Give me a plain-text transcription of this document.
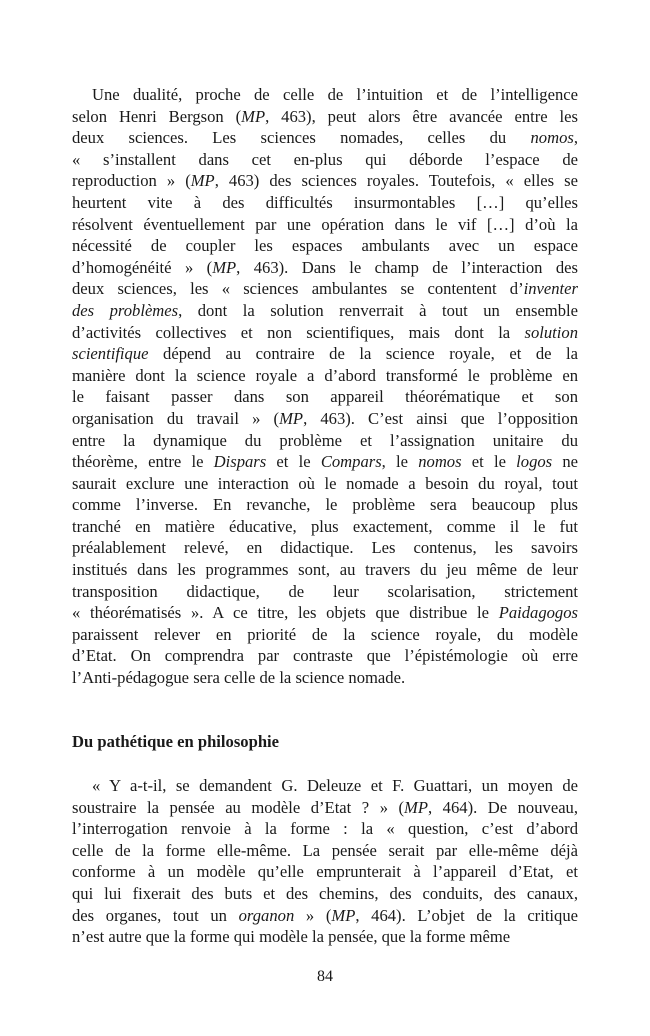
Une dualité, proche de celle de l’intuition et de l’intelligence
selon Henri Bergson (MP, 463), peut alors être avancée entre les
deux sciences. Les sciences nomades, celles du nomos,
« s’installent dans cet en-plus qui déborde l’espace de
reproduction » (MP, 463) des sciences royales. Toutefois, « elles se
heurtent vite à des difficultés insurmontables […] qu’elles
résolvent éventuellement par une opération dans le vif […] d’où la
nécessité de coupler les espaces ambulants avec un espace
d’homogénéité » (MP, 463). Dans le champ de l’interaction des
deux sciences, les « sciences ambulantes se contentent d’inventer
des problèmes, dont la solution renverrait à tout un ensemble
d’activités collectives et non scientifiques, mais dont la solution
scientifique dépend au contraire de la science royale, et de la
manière dont la science royale a d’abord transformé le problème en
le faisant passer dans son appareil théorématique et son
organisation du travail » (MP, 463). C’est ainsi que l’opposition
entre la dynamique du problème et l’assignation unitaire du
théorème, entre le Dispars et le Compars, le nomos et le logos ne
saurait exclure une interaction où le nomade a besoin du royal, tout
comme l’inverse. En revanche, le problème sera beaucoup plus
tranché en matière éducative, plus exactement, comme il le fut
préalablement relevé, en didactique. Les contenus, les savoirs
institués dans les programmes sont, au travers du jeu même de leur
transposition didactique, de leur scolarisation, strictement
« théorématisés ». A ce titre, les objets que distribue le Paidagogos
paraissent relever en priorité de la science royale, du modèle
d’Etat. On comprendra par contraste que l’épistémologie où erre
l’Anti-pédagogue sera celle de la science nomade.
Du pathétique en philosophie
« Y a-t-il, se demandent G. Deleuze et F. Guattari, un moyen de
soustraire la pensée au modèle d’Etat ? » (MP, 464). De nouveau,
l’interrogation renvoie à la forme : la « question, c’est d’abord
celle de la forme elle-même. La pensée serait par elle-même déjà
conforme à un modèle qu’elle emprunterait à l’appareil d’Etat, et
qui lui fixerait des buts et des chemins, des conduits, des canaux,
des organes, tout un organon » (MP, 464). L’objet de la critique
n’est autre que la forme qui modèle la pensée, que la forme même
84
